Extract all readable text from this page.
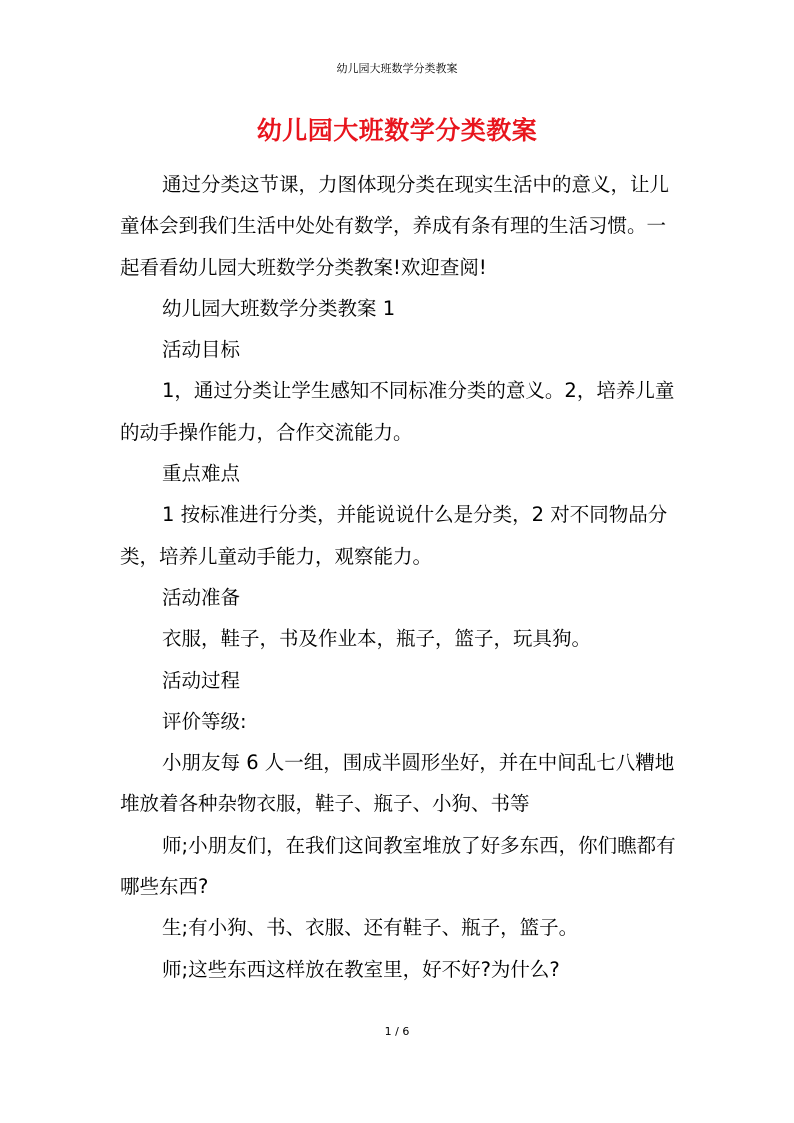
幼儿园大班数学分类教案
幼儿园大班数学分类教案

通过分类这节课，力图体现分类在现实生活中的意义，让儿童体会到我们生活中处处有数学，养成有条有理的生活习惯。一起看看幼儿园大班数学分类教案!欢迎查阅!

幼儿园大班数学分类教案 1

活动目标

1，通过分类让学生感知不同标准分类的意义。2，培养儿童的动手操作能力，合作交流能力。

重点难点

1 按标准进行分类，并能说说什么是分类，2 对不同物品分类，培养儿童动手能力，观察能力。

活动准备

衣服，鞋子，书及作业本，瓶子，篮子，玩具狗。

活动过程

评价等级:

小朋友每 6 人一组，围成半圆形坐好，并在中间乱七八糟地堆放着各种杂物衣服，鞋子、瓶子、小狗、书等

师;小朋友们，在我们这间教室堆放了好多东西，你们瞧都有哪些东西?

生;有小狗、书、衣服、还有鞋子、瓶子，篮子。

师;这些东西这样放在教室里，好不好?为什么?

1 / 6
